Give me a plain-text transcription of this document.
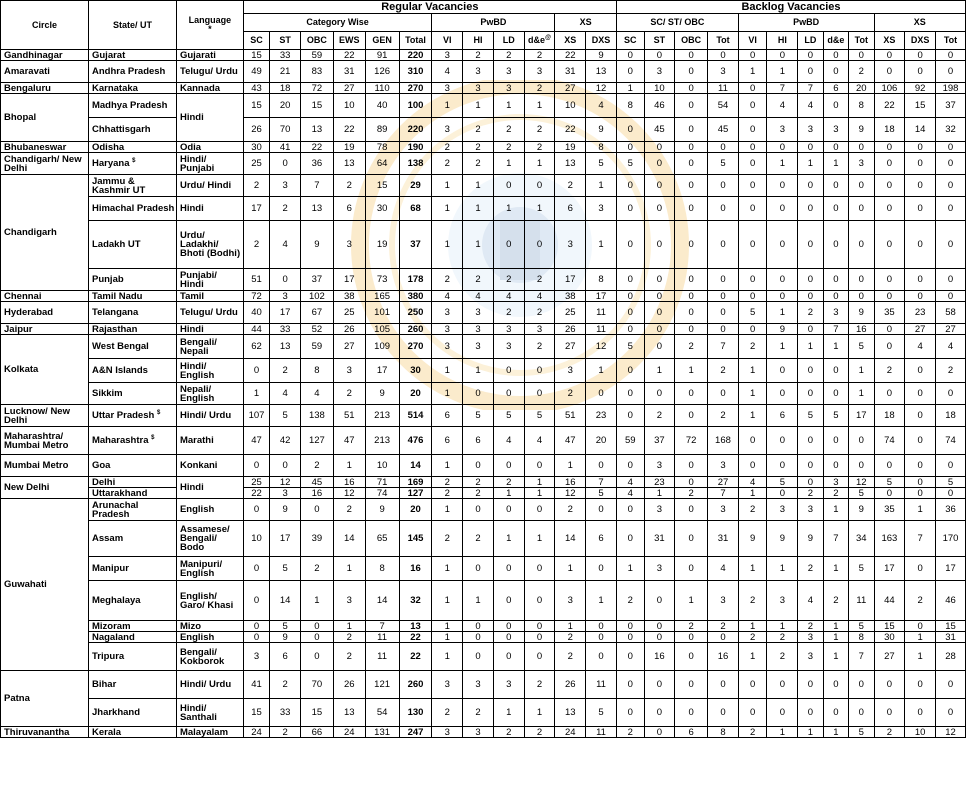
Circle	State/ UT	Language
*	Regular Vacancies												Backlog Vacancies											
			Category Wise						PwBD				XS		SC/ ST/ OBC				PwBD					XS		
			SC	ST	OBC	EWS	GEN	Total	VI	HI	LD	d&e@	XS	DXS	SC	ST	OBC	Tot	VI	HI	LD	d&e	Tot	XS	DXS	Tot
Gandhinagar	Gujarat	Gujarati	15	33	59	22	91	220	3	2	2	2	22	9	0	0	0	0	0	0	0	0	0	0	0	0
Amaravati	Andhra Pradesh	Telugu/ Urdu	49	21	83	31	126	310	4	3	3	3	31	13	0	3	0	3	1	1	0	0	2	0	0	0
Bengaluru	Karnataka	Kannada	43	18	72	27	110	270	3	3	3	2	27	12	1	10	0	11	0	7	7	6	20	106	92	198
Bhopal	Madhya Pradesh	Hindi	15	20	15	10	40	100	1	1	1	1	10	4	8	46	0	54	0	4	4	0	8	22	15	37
	Chhattisgarh		26	70	13	22	89	220	3	2	2	2	22	9	0	45	0	45	0	3	3	3	9	18	14	32
Bhubaneswar	Odisha	Odia	30	41	22	19	78	190	2	2	2	2	19	8	0	0	0	0	0	0	0	0	0	0	0	0
Chandigarh/ New Delhi	Haryana $	Hindi/ Punjabi	25	0	36	13	64	138	2	2	1	1	13	5	5	0	0	5	0	1	1	1	3	0	0	0
Chandigarh	Jammu & Kashmir UT	Urdu/ Hindi	2	3	7	2	15	29	1	1	0	0	2	1	0	0	0	0	0	0	0	0	0	0	0	0
	Himachal Pradesh	Hindi	17	2	13	6	30	68	1	1	1	1	6	3	0	0	0	0	0	0	0	0	0	0	0	0
	Ladakh UT	Urdu/ Ladakhi/ Bhoti (Bodhi)	2	4	9	3	19	37	1	1	0	0	3	1	0	0	0	0	0	0	0	0	0	0	0	0
	Punjab	Punjabi/ Hindi	51	0	37	17	73	178	2	2	2	2	17	8	0	0	0	0	0	0	0	0	0	0	0	0
Chennai	Tamil Nadu	Tamil	72	3	102	38	165	380	4	4	4	4	38	17	0	0	0	0	0	0	0	0	0	0	0	0
Hyderabad	Telangana	Telugu/ Urdu	40	17	67	25	101	250	3	3	2	2	25	11	0	0	0	0	5	1	2	3	9	35	23	58
Jaipur	Rajasthan	Hindi	44	33	52	26	105	260	3	3	3	3	26	11	0	0	0	0	0	9	0	7	16	0	27	27
Kolkata	West Bengal	Bengali/ Nepali	62	13	59	27	109	270	3	3	3	2	27	12	5	0	2	7	2	1	1	1	5	0	4	4
	A&N Islands	Hindi/ English	0	2	8	3	17	30	1	1	0	0	3	1	0	1	1	2	1	0	0	0	1	2	0	2
	Sikkim	Nepali/ English	1	4	4	2	9	20	1	0	0	0	2	0	0	0	0	0	1	0	0	0	1	0	0	0
Lucknow/ New Delhi	Uttar Pradesh $	Hindi/ Urdu	107	5	138	51	213	514	6	5	5	5	51	23	0	2	0	2	1	6	5	5	17	18	0	18
Maharashtra/ Mumbai Metro	Maharashtra $	Marathi	47	42	127	47	213	476	6	6	4	4	47	20	59	37	72	168	0	0	0	0	0	74	0	74
Mumbai Metro	Goa	Konkani	0	0	2	1	10	14	1	0	0	0	1	0	0	3	0	3	0	0	0	0	0	0	0	0
New Delhi	Delhi	Hindi	25	12	45	16	71	169	2	2	2	1	16	7	4	23	0	27	4	5	0	3	12	5	0	5
	Uttarakhand		22	3	16	12	74	127	2	2	1	1	12	5	4	1	2	7	1	0	2	2	5	0	0	0
Guwahati	Arunachal Pradesh	English	0	9	0	2	9	20	1	0	0	0	2	0	0	3	0	3	2	3	3	1	9	35	1	36
	Assam	Assamese/ Bengali/ Bodo	10	17	39	14	65	145	2	2	1	1	14	6	0	31	0	31	9	9	9	7	34	163	7	170
	Manipur	Manipuri/ English	0	5	2	1	8	16	1	0	0	0	1	0	1	3	0	4	1	1	2	1	5	17	0	17
	Meghalaya	English/ Garo/ Khasi	0	14	1	3	14	32	1	1	0	0	3	1	2	0	1	3	2	3	4	2	11	44	2	46
	Mizoram	Mizo	0	5	0	1	7	13	1	0	0	0	1	0	0	0	2	2	1	1	2	1	5	15	0	15
	Nagaland	English	0	9	0	2	11	22	1	0	0	0	2	0	0	0	0	0	2	2	3	1	8	30	1	31
	Tripura	Bengali/ Kokborok	3	6	0	2	11	22	1	0	0	0	2	0	0	16	0	16	1	2	3	1	7	27	1	28
Patna	Bihar	Hindi/ Urdu	41	2	70	26	121	260	3	3	3	2	26	11	0	0	0	0	0	0	0	0	0	0	0	0
	Jharkhand	Hindi/ Santhali	15	33	15	13	54	130	2	2	1	1	13	5	0	0	0	0	0	0	0	0	0	0	0	0
Thiruvanantha	Kerala	Malayalam	24	2	66	24	131	247	3	3	2	2	24	11	2	0	6	8	2	1	1	1	5	2	10	12
